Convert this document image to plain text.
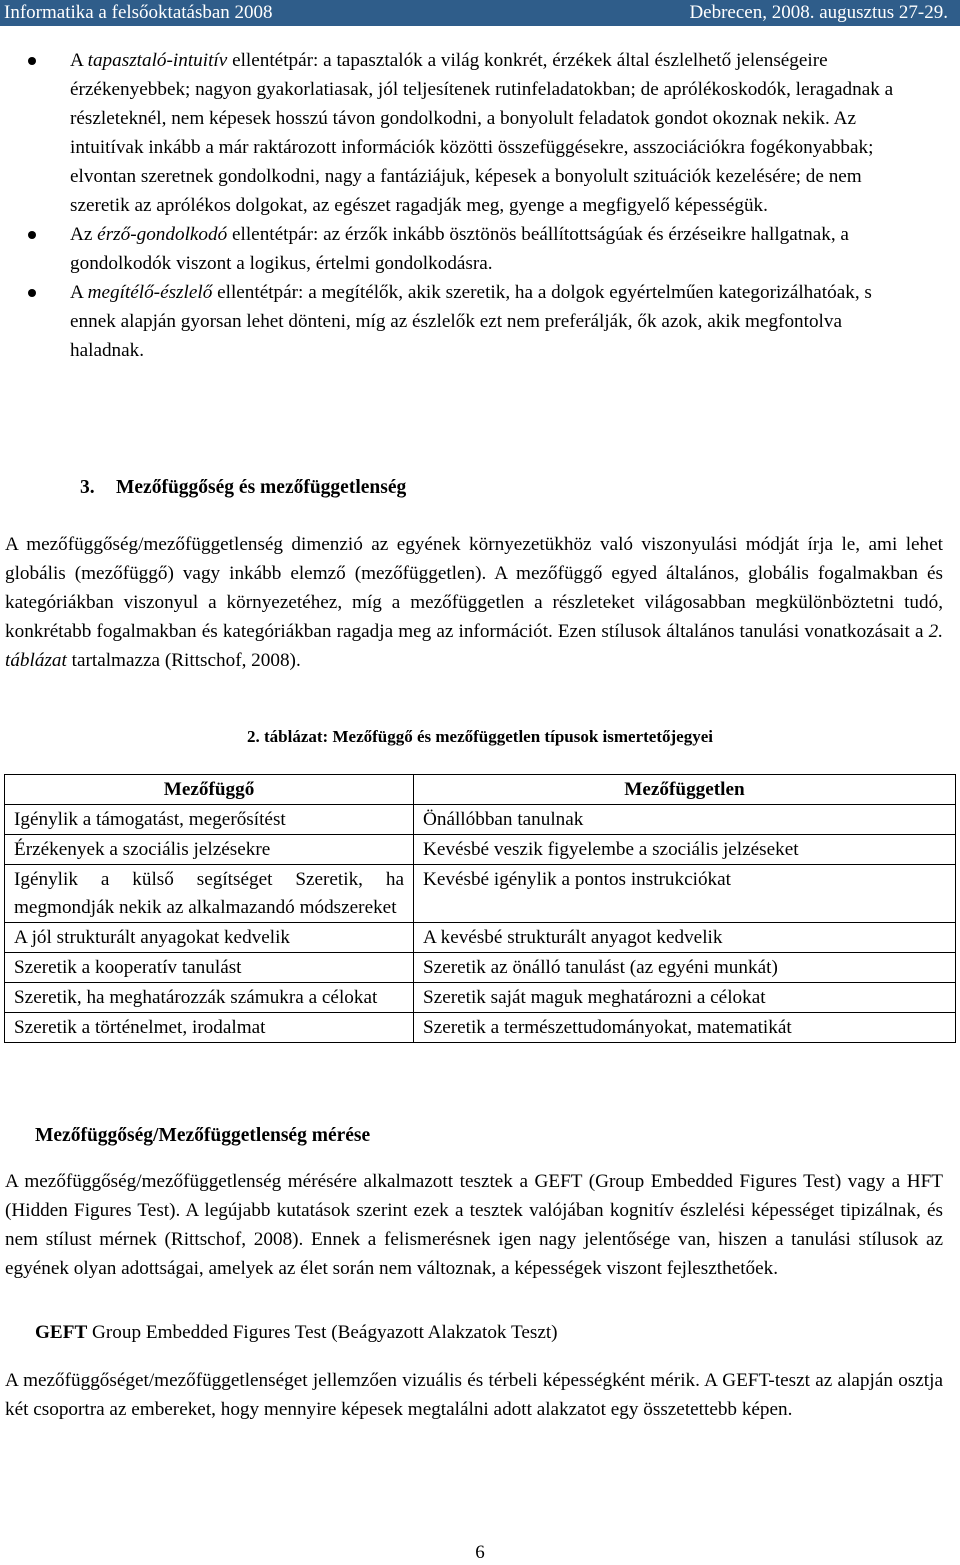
Informatika a felsőoktatásban 2008	Debrecen, 2008. augusztus 27-29.
A tapasztaló-intuitív ellentétpár: a tapasztalók a világ konkrét, érzékek által észlelhető jelenségeire érzékenyebbek; nagyon gyakorlatiasak, jól teljesítenek rutinfeladatokban; de aprólékoskodók, leragadnak a részleteknél, nem képesek hosszú távon gondolkodni, a bonyolult feladatok gondot okoznak nekik. Az intuitívak inkább a már raktározott információk közötti összefüggésekre, asszociációkra fogékonyabbak; elvontan szeretnek gondolkodni, nagy a fantáziájuk, képesek a bonyolult szituációk kezelésére; de nem szeretik az aprólékos dolgokat, az egészet ragadják meg, gyenge a megfigyelő képességük.
Az érző-gondolkodó ellentétpár: az érzők inkább ösztönös beállítottságúak és érzéseikre hallgatnak, a gondolkodók viszont a logikus, értelmi gondolkodásra.
A megítélő-észlelő ellentétpár: a megítélők, akik szeretik, ha a dolgok egyértelműen kategorizálhatóak, s ennek alapján gyorsan lehet dönteni, míg az észlelők ezt nem preferálják, ők azok, akik megfontolva haladnak.
3. Mezőfüggőség és mezőfüggetlenség
A mezőfüggőség/mezőfüggetlenség dimenzió az egyének környezetükhöz való viszonyulási módját írja le, ami lehet globális (mezőfüggő) vagy inkább elemző (mezőfüggetlen). A mezőfüggő egyed általános, globális fogalmakban és kategóriákban viszonyul a környezetéhez, míg a mezőfüggetlen a részleteket világosabban megkülönböztetni tudó, konkrétabb fogalmakban és kategóriákban ragadja meg az információt. Ezen stílusok általános tanulási vonatkozásait a 2. táblázat tartalmazza (Rittschof, 2008).
2. táblázat: Mezőfüggő és mezőfüggetlen típusok ismertetőjegyei
Mezőfüggő	Mezőfüggetlen
Igénylik a támogatást, megerősítést	Önállóbban tanulnak
Érzékenyek a szociális jelzésekre	Kevésbé veszik figyelembe a szociális jelzéseket
Igénylik a külső segítséget Szeretik, ha megmondják nekik az alkalmazandó módszereket	Kevésbé igénylik a pontos instrukciókat
A jól strukturált anyagokat kedvelik	A kevésbé strukturált anyagot kedvelik
Szeretik a kooperatív tanulást	Szeretik az önálló tanulást (az egyéni munkát)
Szeretik, ha meghatározzák számukra a célokat	Szeretik saját maguk meghatározni a célokat
Szeretik a történelmet, irodalmat	Szeretik a természettudományokat, matematikát
Mezőfüggőség/Mezőfüggetlenség mérése
A mezőfüggőség/mezőfüggetlenség mérésére alkalmazott tesztek a GEFT (Group Embedded Figures Test) vagy a HFT (Hidden Figures Test). A legújabb kutatások szerint ezek a tesztek valójában kognitív észlelési képességet tipizálnak, és nem stílust mérnek (Rittschof, 2008). Ennek a felismerésnek igen nagy jelentősége van, hiszen a tanulási stílusok az egyének olyan adottságai, amelyek az élet során nem változnak, a képességek viszont fejleszthetőek.
GEFT Group Embedded Figures Test (Beágyazott Alakzatok Teszt)
A mezőfüggőséget/mezőfüggetlenséget jellemzően vizuális és térbeli képességként mérik. A GEFT-teszt az alapján osztja két csoportra az embereket, hogy mennyire képesek megtalálni adott alakzatot egy összetettebb képen.
6
